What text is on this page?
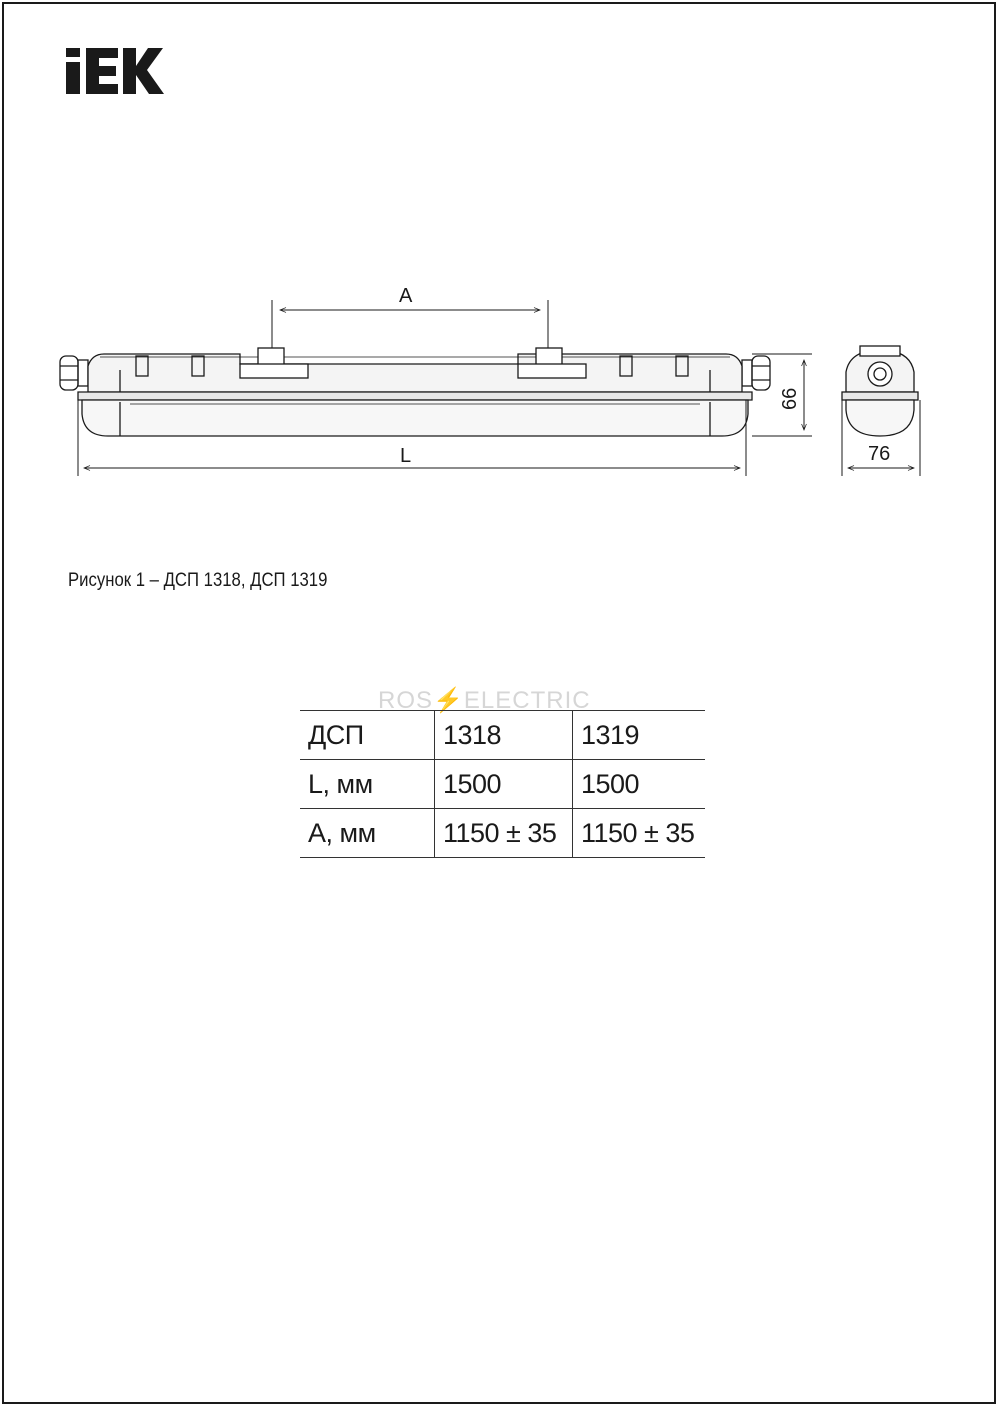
A
L
66
76
Рисунок 1 – ДСП 1318, ДСП 1319
ROS⚡ELECTRIC
ДСП	1318	1319
L, мм	1500	1500
A, мм	1150 ± 35	1150 ± 35
